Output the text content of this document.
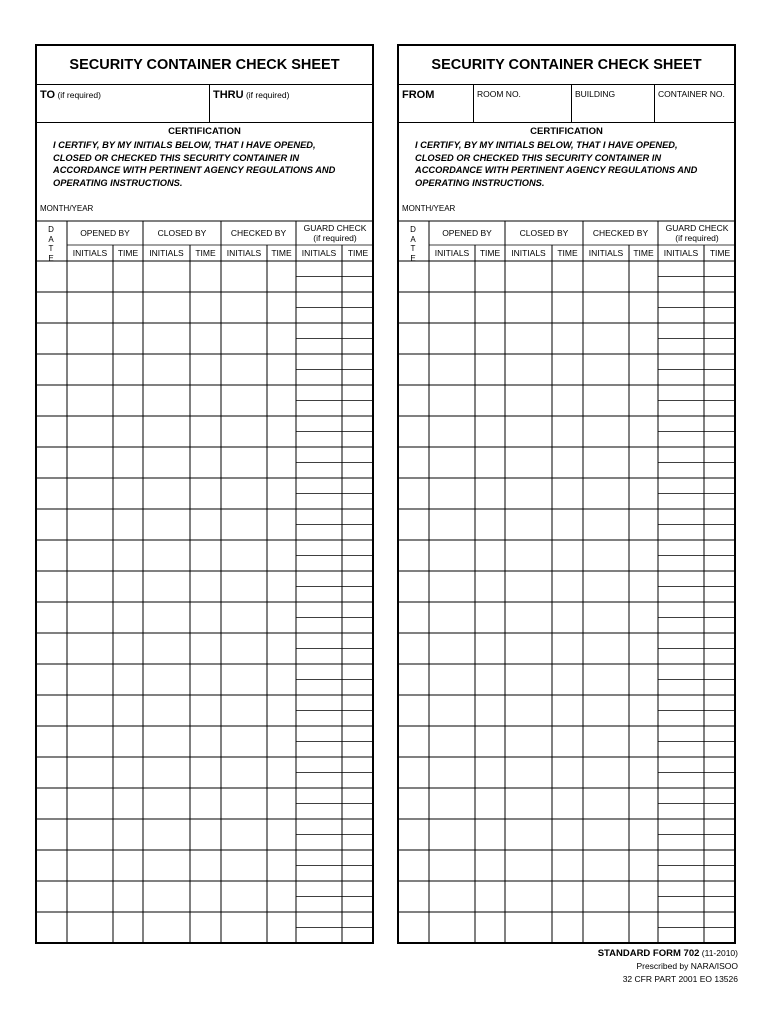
SECURITY CONTAINER CHECK SHEET
TO (if required)	THRU (if required)
CERTIFICATION
I CERTIFY, BY MY INITIALS BELOW, THAT I HAVE OPENED,
CLOSED OR CHECKED THIS SECURITY CONTAINER IN
ACCORDANCE WITH PERTINENT AGENCY REGULATIONS AND
OPERATING INSTRUCTIONS.
MONTH/YEAR
D
A
T
E
OPENED BY	CLOSED BY	CHECKED BY	GUARD CHECK
(if required)
INITIALS	TIME	INITIALS	TIME	INITIALS	TIME	INITIALS	TIME
SECURITY CONTAINER CHECK SHEET
FROM	ROOM NO.	BUILDING	CONTAINER NO.
CERTIFICATION
I CERTIFY, BY MY INITIALS BELOW, THAT I HAVE OPENED,
CLOSED OR CHECKED THIS SECURITY CONTAINER IN
ACCORDANCE WITH PERTINENT AGENCY REGULATIONS AND
OPERATING INSTRUCTIONS.
MONTH/YEAR
D
A
T
E
OPENED BY	CLOSED BY	CHECKED BY	GUARD CHECK
(if required)
INITIALS	TIME	INITIALS	TIME	INITIALS	TIME	INITIALS	TIME
STANDARD FORM 702 (11-2010)
Prescribed by NARA/ISOO
32 CFR PART 2001 EO 13526
